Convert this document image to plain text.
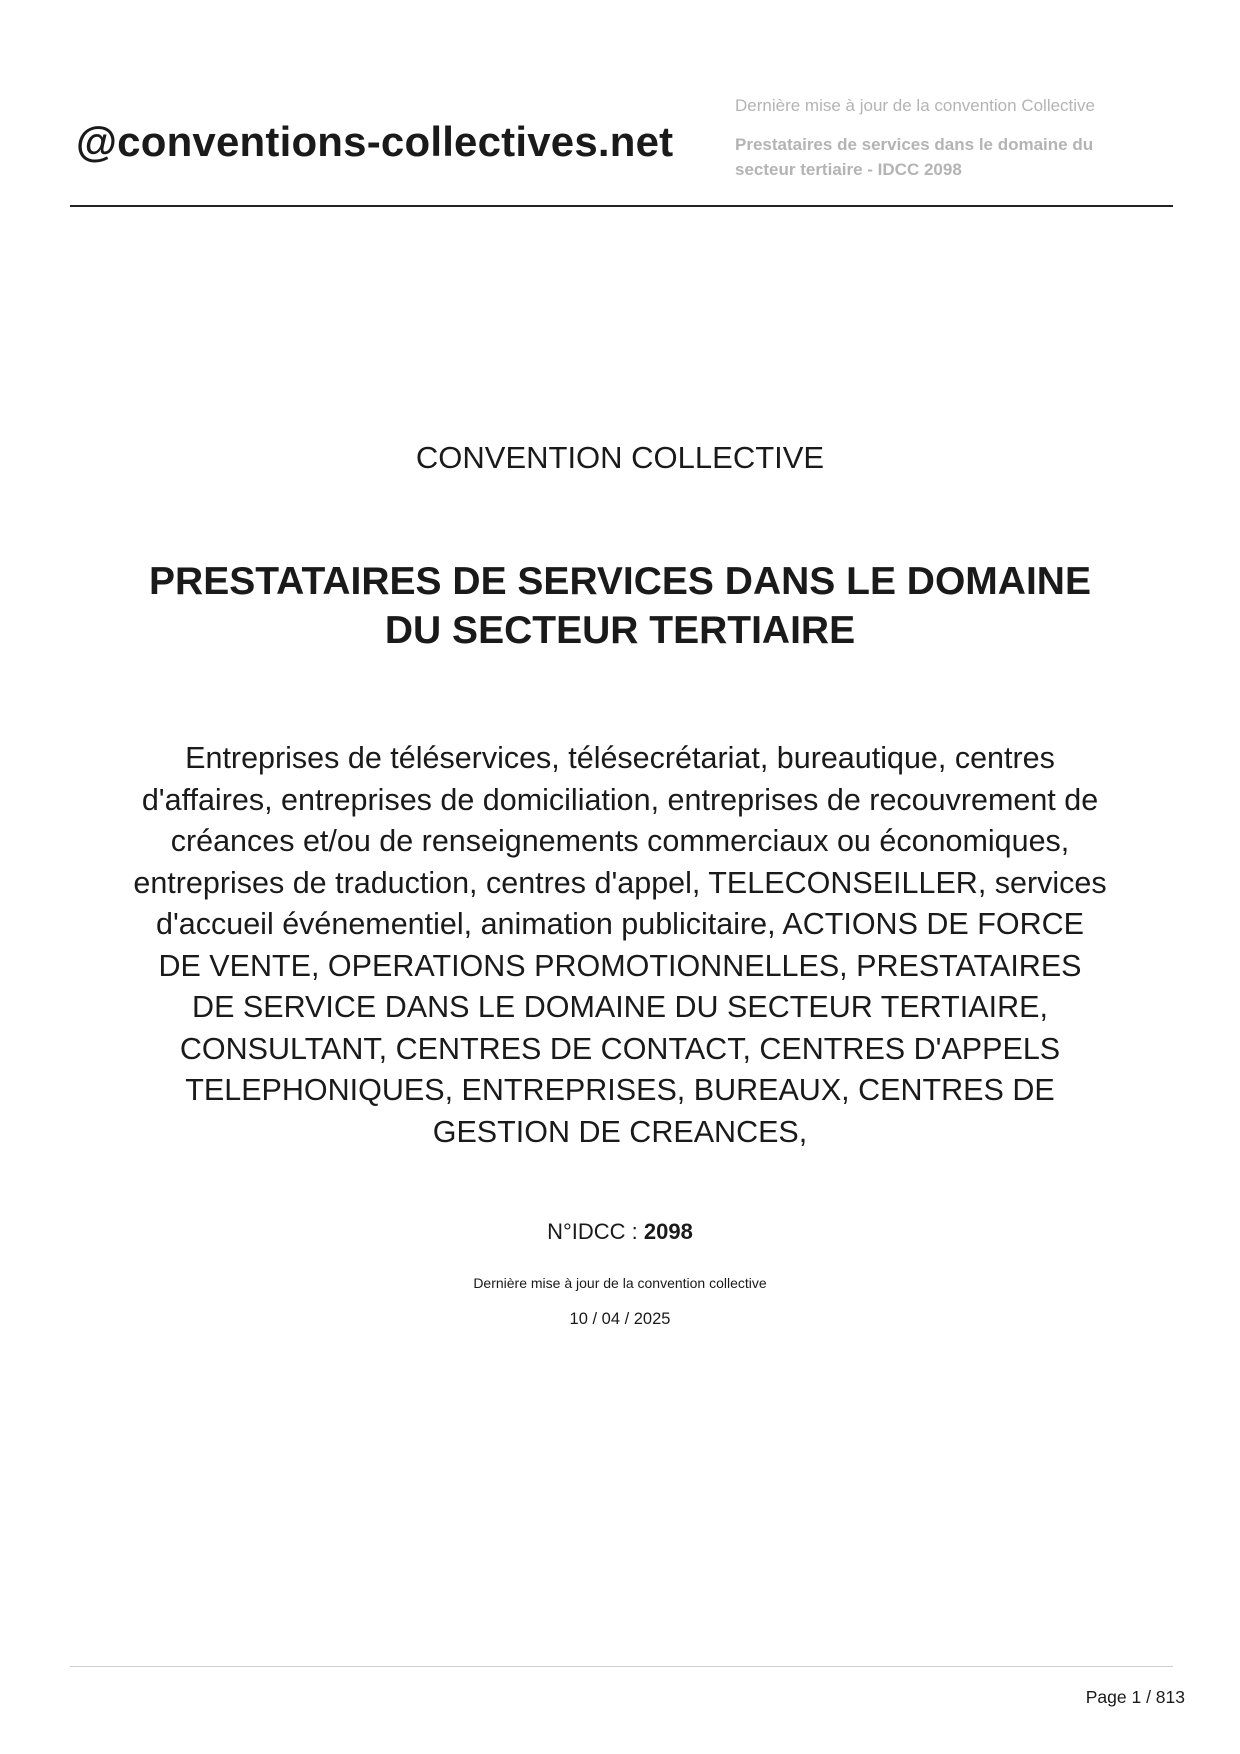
@conventions-collectives.net
Dernière mise à jour de la convention Collective
Prestataires de services dans le domaine du
secteur tertiaire - IDCC 2098
CONVENTION COLLECTIVE
PRESTATAIRES DE SERVICES DANS LE DOMAINE
DU SECTEUR TERTIAIRE
Entreprises de téléservices, télésecrétariat, bureautique, centres
d'affaires, entreprises de domiciliation, entreprises de recouvrement de
créances et/ou de renseignements commerciaux ou économiques,
entreprises de traduction, centres d'appel, TELECONSEILLER, services
d'accueil événementiel, animation publicitaire, ACTIONS DE FORCE
DE VENTE, OPERATIONS PROMOTIONNELLES, PRESTATAIRES
DE SERVICE DANS LE DOMAINE DU SECTEUR TERTIAIRE,
CONSULTANT, CENTRES DE CONTACT, CENTRES D'APPELS
TELEPHONIQUES, ENTREPRISES, BUREAUX, CENTRES DE
GESTION DE CREANCES,
N°IDCC : 2098
Dernière mise à jour de la convention collective
10 / 04 / 2025
Page 1 / 813
